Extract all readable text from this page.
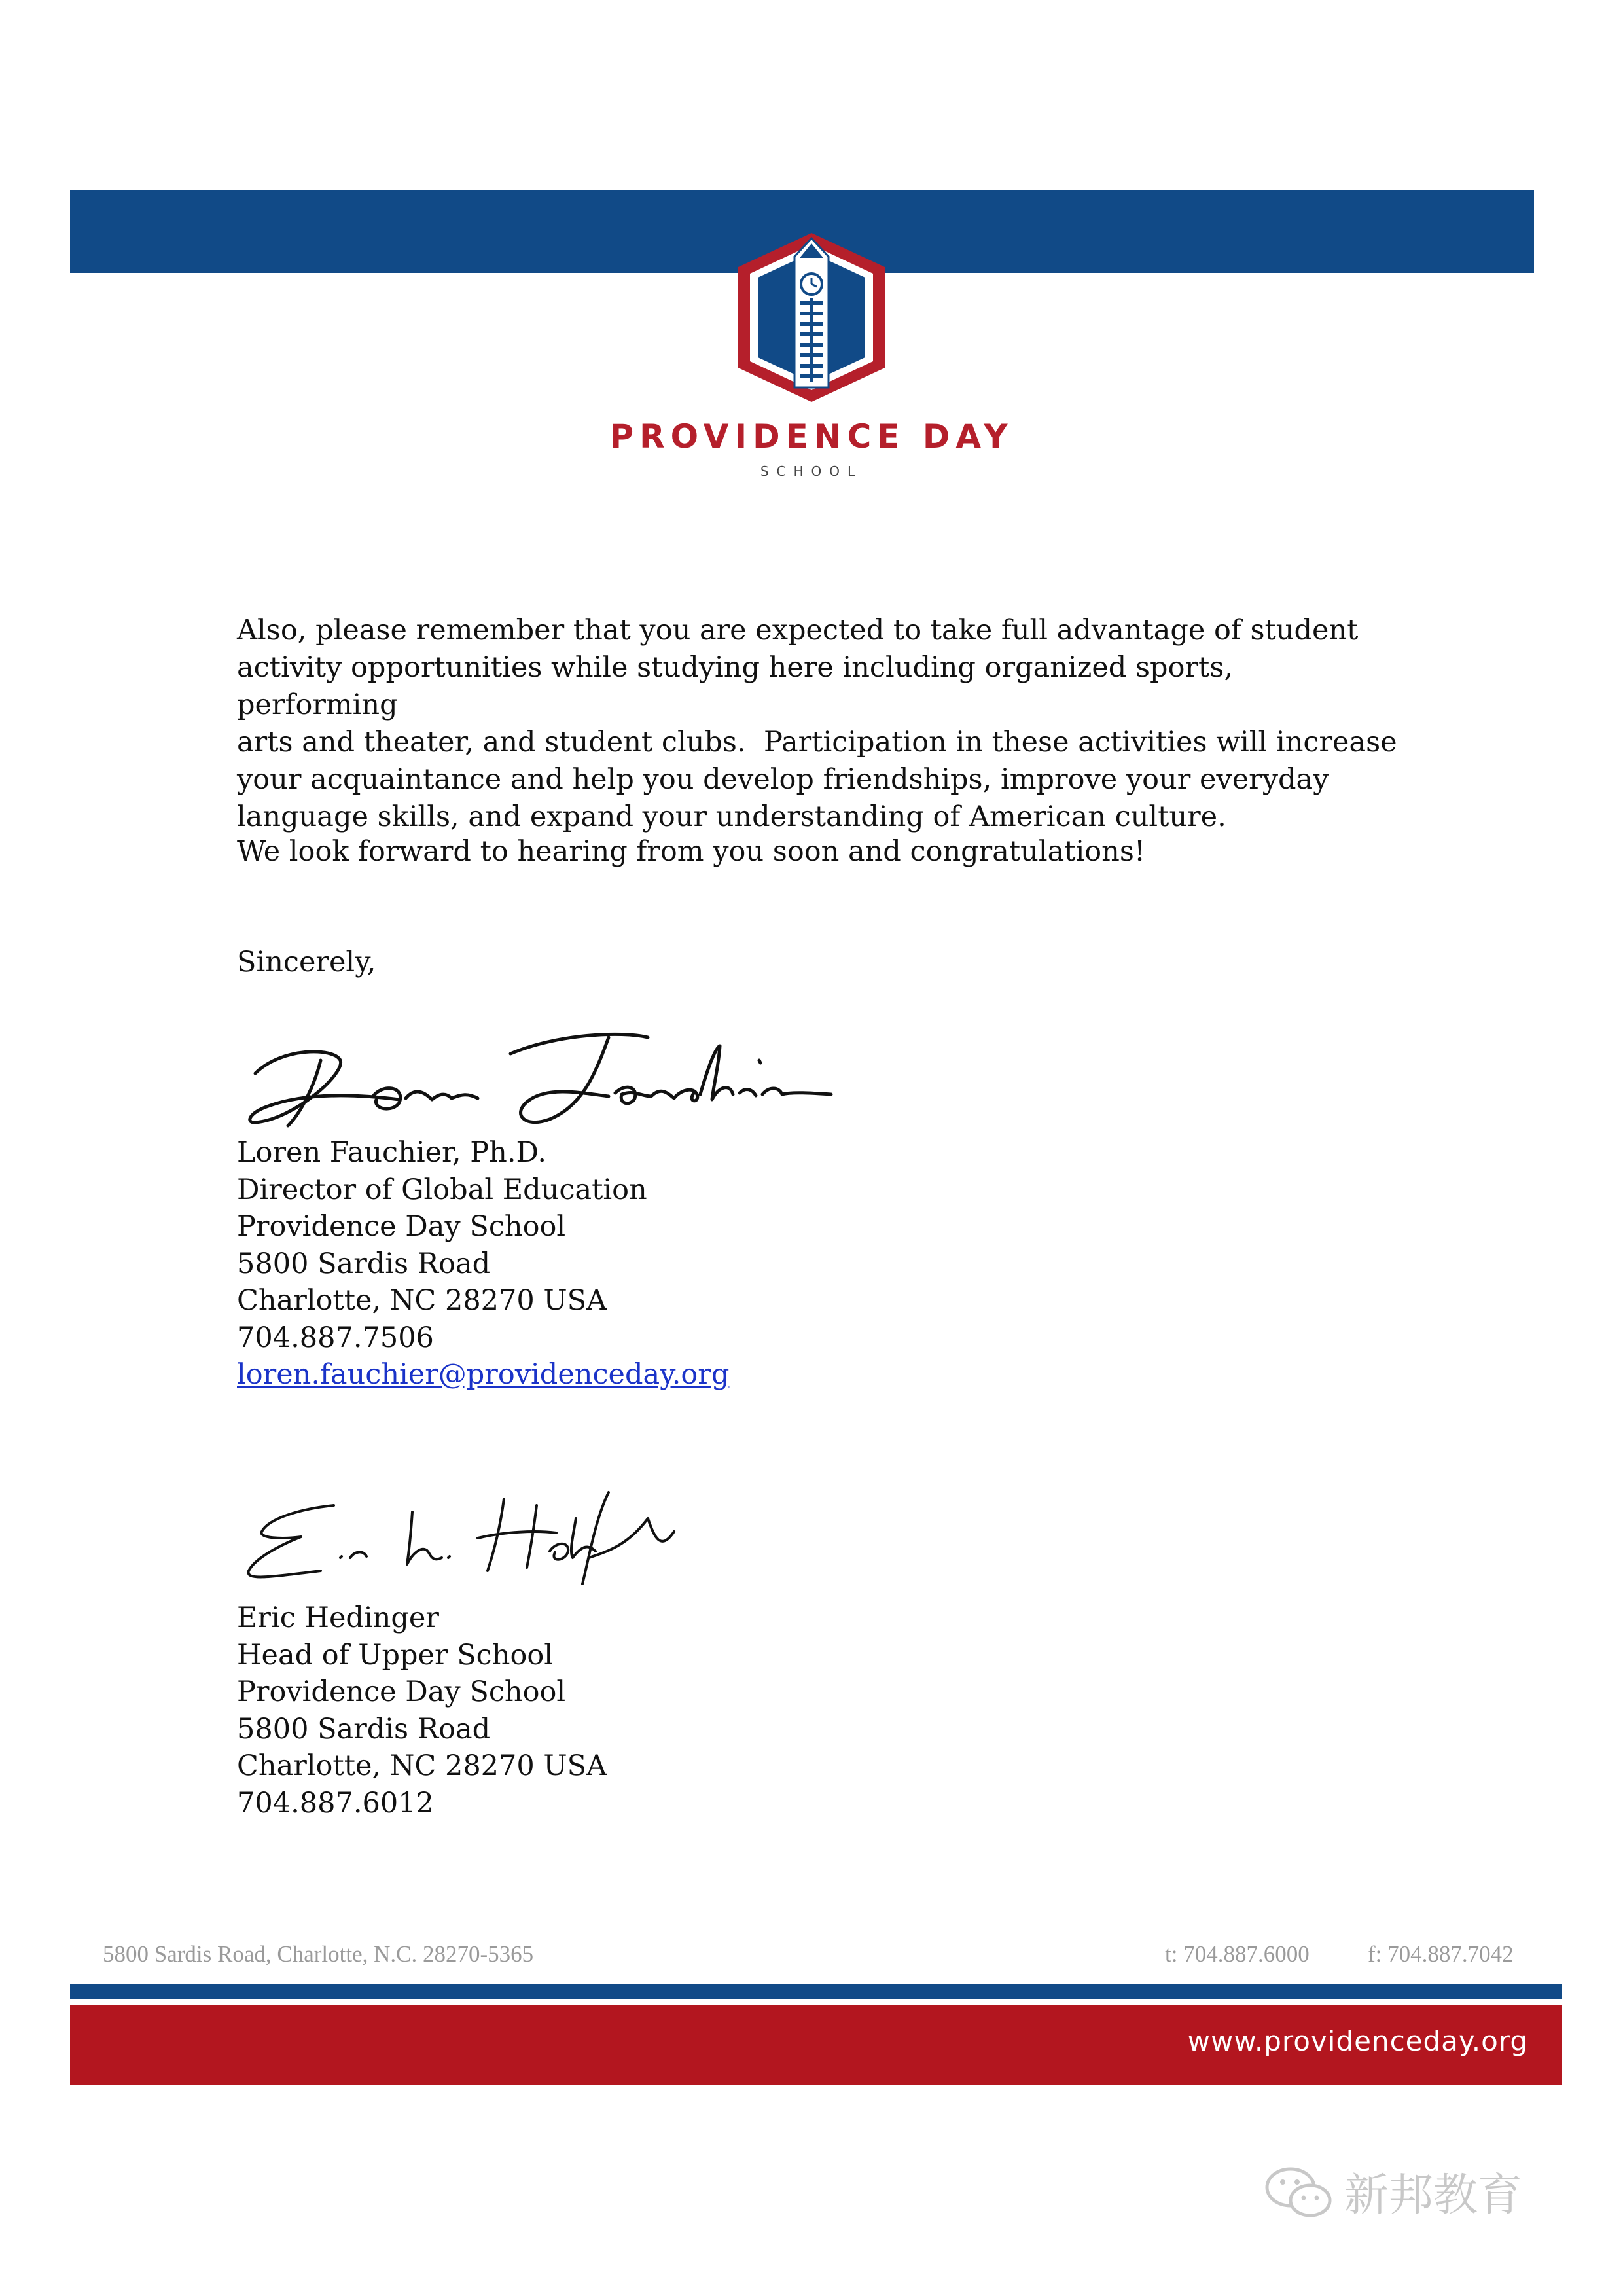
PROVIDENCE DAY
SCHOOL

Also, please remember that you are expected to take full advantage of student

activity opportunities while studying here including organized sports, performing

arts and theater, and student clubs.  Participation in these activities will increase

your acquaintance and help you develop friendships, improve your everyday

language skills, and expand your understanding of American culture.

We look forward to hearing from you soon and congratulations!
Sincerely,
Loren Fauchier, Ph.D.
Director of Global Education
Providence Day School
5800 Sardis Road
Charlotte, NC 28270 USA
704.887.7506
loren.fauchier@providenceday.org
Eric Hedinger
Head of Upper School
Providence Day School
5800 Sardis Road
Charlotte, NC 28270 USA
704.887.6012
5800 Sardis Road, Charlotte, N.C. 28270-5365	t: 704.887.6000	f: 704.887.7042
www.providenceday.org
新邦教育
